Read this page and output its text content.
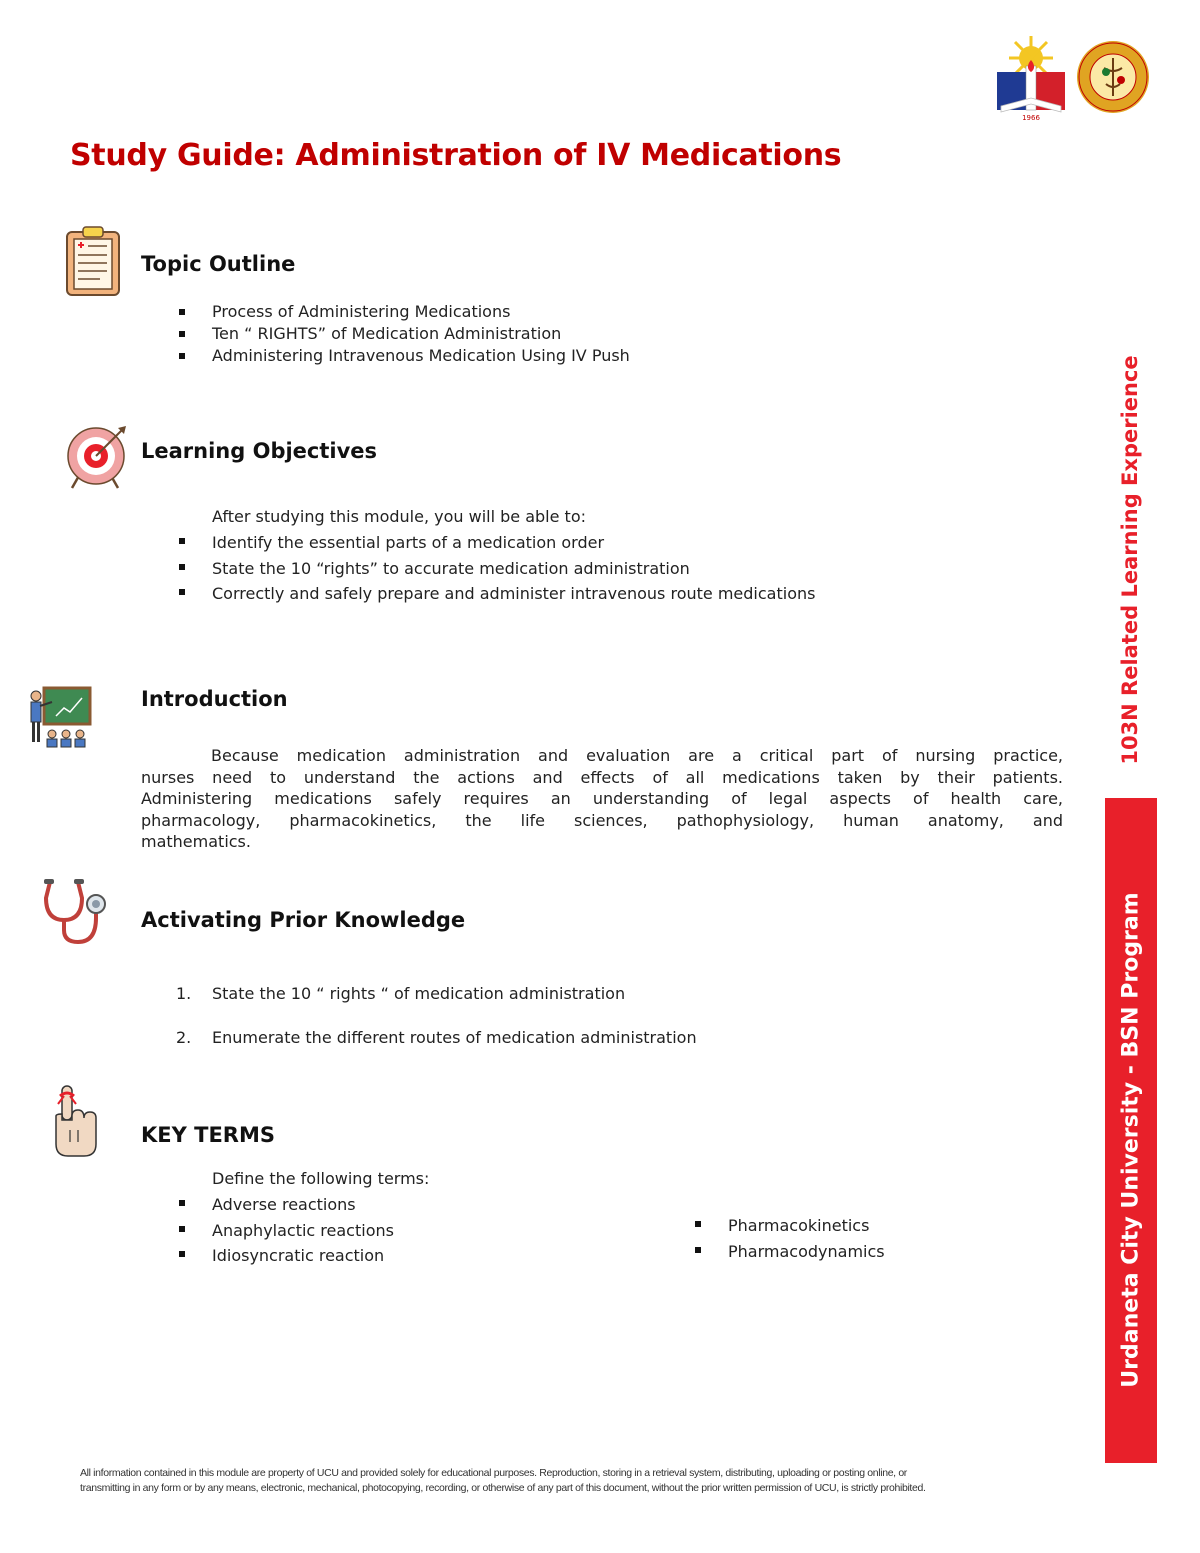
1966
Study Guide: Administration of IV Medications
Topic Outline
Process of Administering Medications
Ten “ RIGHTS” of Medication Administration
Administering Intravenous Medication Using IV Push
Learning Objectives
After studying this module, you will be able to:
Identify the essential parts of a medication order
State the 10 “rights” to accurate medication administration
Correctly and safely prepare and administer intravenous route medications
Introduction
Because medication administration and evaluation are a critical part of nursing practice,
nurses need to understand the actions and effects of all medications taken by their patients.
Administering medications safely requires an understanding of legal aspects of health care,
pharmacology, pharmacokinetics, the life sciences, pathophysiology, human anatomy, and
mathematics.
Activating Prior Knowledge
1. State the 10 “ rights “ of medication administration
2. Enumerate the different routes of medication administration
KEY TERMS
Define the following terms:
Adverse reactions
Anaphylactic reactions
Idiosyncratic reaction
Pharmacokinetics
Pharmacodynamics
103N Related Learning Experience
Urdaneta City University - BSN Program
All information contained in this module are property of UCU and provided solely for educational purposes. Reproduction, storing in a retrieval system, distributing, uploading or posting online, or
transmitting in any form or by any means, electronic, mechanical, photocopying, recording, or otherwise of any part of this document, without the prior written permission of UCU, is strictly prohibited.
